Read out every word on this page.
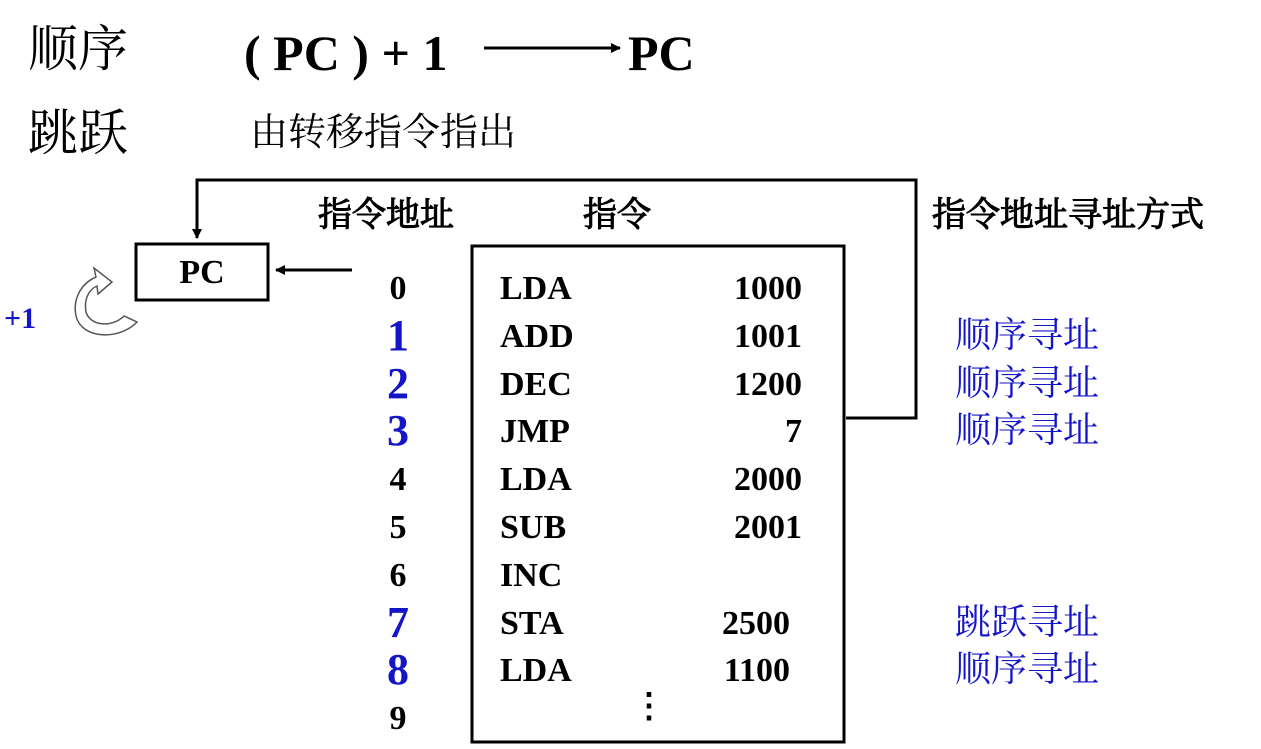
顺序 ( PC ) + 1	PC
跳跃	由转移指令指出
指令地址	指令	指令地址寻址方式
PC
+1
0	LDA	1000
1	ADD	1001	顺序寻址
2	DEC	1200	顺序寻址
3	JMP	7	顺序寻址
4	LDA	2000
5	SUB	2001
6	INC
7	STA	2500	跳跃寻址
8	LDA	1100	顺序寻址
9	⋮
